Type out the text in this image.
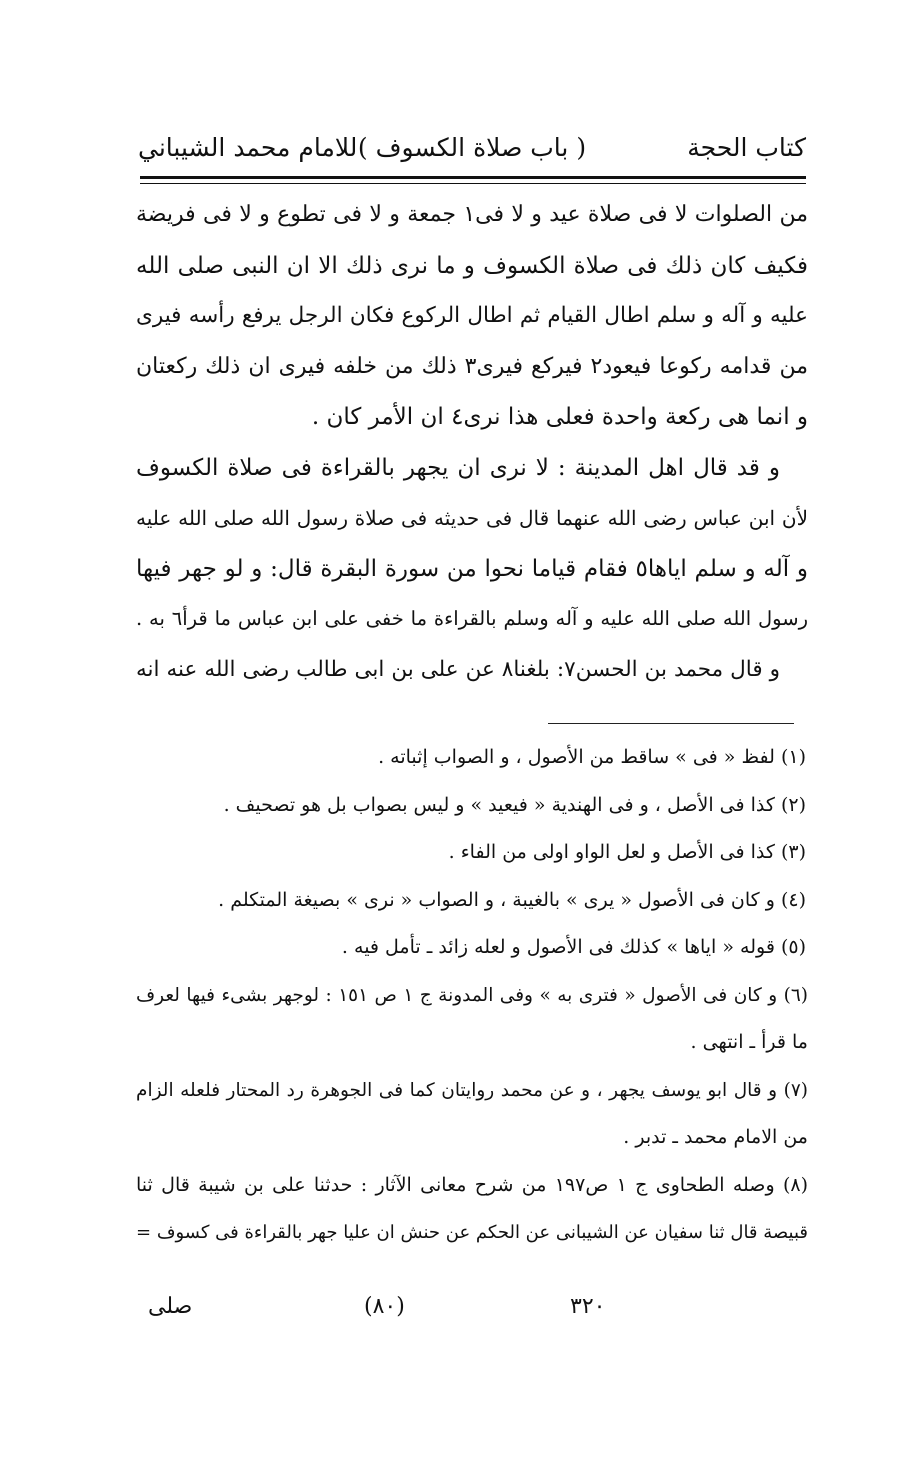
كتاب الحجة
( باب صلاة الكسوف )
للامام محمد الشيباني
من الصلوات لا فى صلاة عيد و لا فى١ جمعة و لا فى تطوع و لا فى فريضة
فكيف كان ذلك فى صلاة الكسوف و ما نرى ذلك الا ان النبى صلى الله
عليه و آله و سلم اطال القيام ثم اطال الركوع فكان الرجل يرفع رأسه فيرى
من قدامه ركوعا فيعود٢ فيركع فيرى٣ ذلك من خلفه فيرى ان ذلك ركعتان
و انما هى ركعة واحدة فعلى هذا نرى٤ ان الأمر كان .
و قد قال اهل المدينة : لا نرى ان يجهر بالقراءة فى صلاة الكسوف
لأن ابن عباس رضى الله عنهما قال فى حديثه فى صلاة رسول الله صلى الله عليه
و آله و سلم اياها٥ فقام قياما نحوا من سورة البقرة قال: و لو جهر فيها
رسول الله صلى الله عليه و آله وسلم بالقراءة ما خفى على ابن عباس ما قرأ٦ به .
و قال محمد بن الحسن٧: بلغنا٨ عن على بن ابى طالب رضى الله عنه انه
(١) لفظ « فى » ساقط من الأصول ، و الصواب إثباته .
(٢) كذا فى الأصل ، و فى الهندية « فيعيد » و ليس بصواب بل هو تصحيف .
(٣) كذا فى الأصل و لعل الواو اولى من الفاء .
(٤) و كان فى الأصول « يرى » بالغيبة ، و الصواب « نرى » بصيغة المتكلم .
(٥) قوله « اياها » كذلك فى الأصول و لعله زائد ـ تأمل فيه .
(٦) و كان فى الأصول « فترى به » وفى المدونة ج ١ ص ١٥١ : لوجهر بشىء فيها لعرف
ما قرأ ـ انتهى .
(٧) و قال ابو يوسف يجهر ، و عن محمد روايتان كما فى الجوهرة رد المحتار فلعله الزام
من الامام محمد ـ تدبر .
(٨) وصله الطحاوى ج ١ ص١٩٧ من شرح معانى الآثار : حدثنا على بن شيبة قال ثنا
قبيصة قال ثنا سفيان عن الشيبانى عن الحكم عن حنش ان عليا جهر بالقراءة فى كسوف =
صلى	(٨٠)	٣٢٠
